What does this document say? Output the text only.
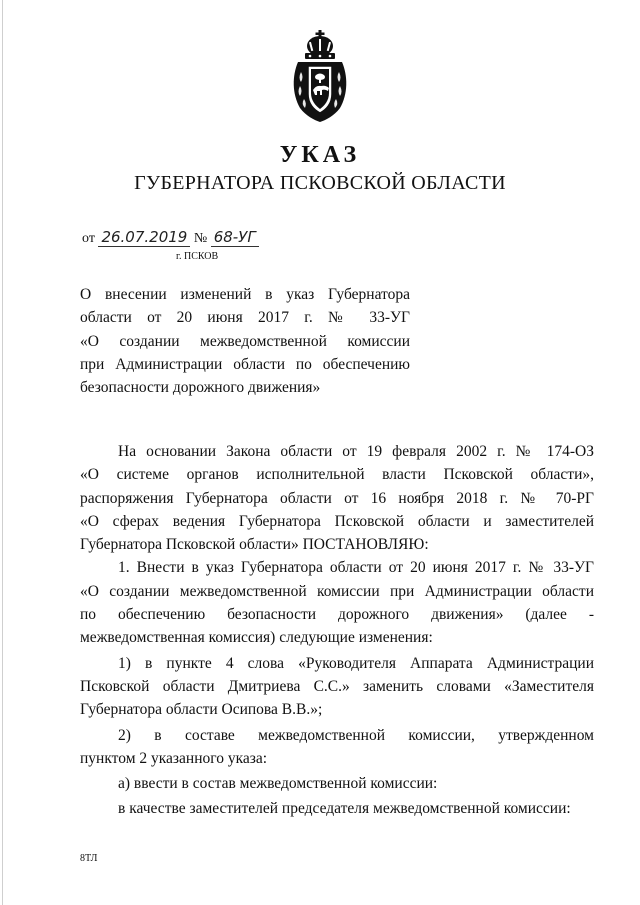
УКАЗ
ГУБЕРНАТОРА ПСКОВСКОЙ ОБЛАСТИ
от 26.07.2019 № 68-УГ
г. ПСКОВ
О внесении изменений в указ Губернатора
области от 20 июня 2017 г. № 33-УГ
«О создании межведомственной комиссии
при Администрации области по обеспечению
безопасности дорожного движения»

На основании Закона области от 19 февраля 2002 г. № 174-ОЗ

«О системе органов исполнительной власти Псковской области»,

распоряжения Губернатора области от 16 ноября 2018 г. № 70-РГ

«О сферах ведения Губернатора Псковской области и заместителей

Губернатора Псковской области» ПОСТАНОВЛЯЮ:

1. Внести в указ Губернатора области от 20 июня 2017 г. № 33-УГ

«О создании межведомственной комиссии при Администрации области

по обеспечению безопасности дорожного движения» (далее -

межведомственная комиссия) следующие изменения:

1) в пункте 4 слова «Руководителя Аппарата Администрации

Псковской области Дмитриева С.С.» заменить словами «Заместителя

Губернатора области Осипова В.В.»;

2) в составе межведомственной комиссии, утвержденном

пунктом 2 указанного указа:

а) ввести в состав межведомственной комиссии:

в качестве заместителей председателя межведомственной комиссии:

8ТЛ
